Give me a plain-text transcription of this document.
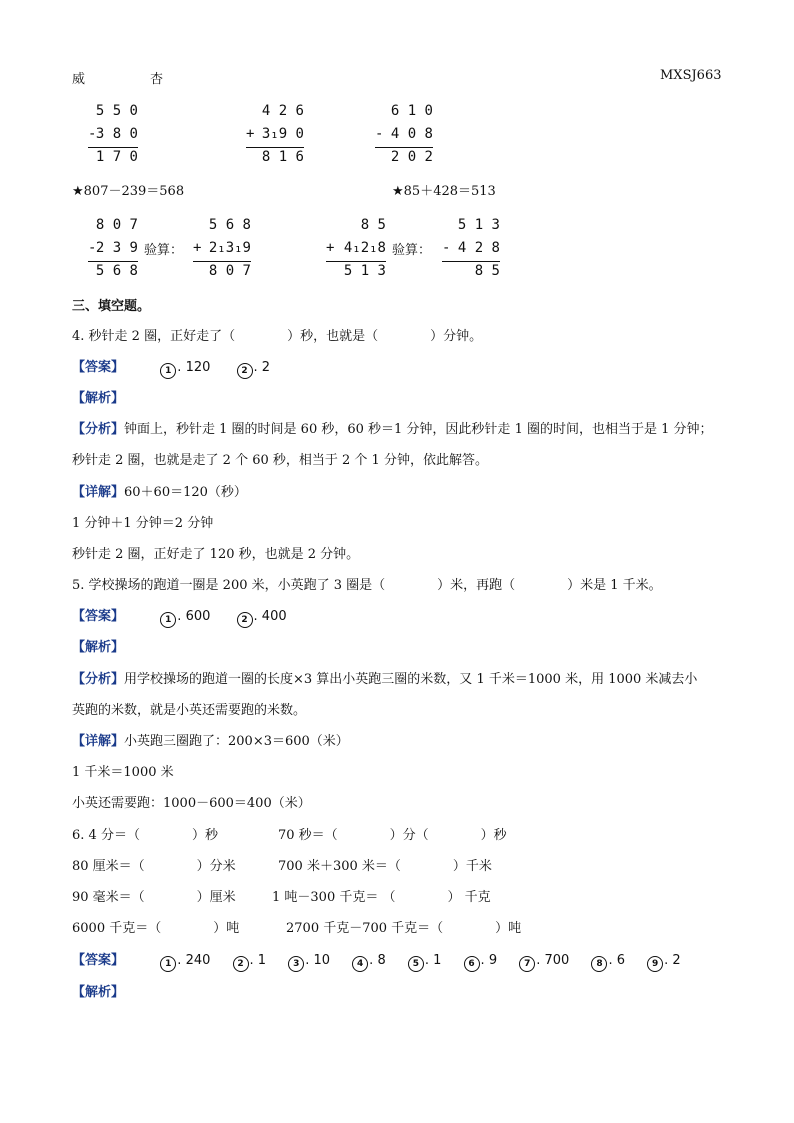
威	杏	MXSJ663
5 5 0
- 3 8 0
1 7 0
4 2 6
+ 3₁9 0
8 1 6
6 1 0
- 4 0 8
2 0 2
★807－239＝568	★85＋428＝513
8 0 7
- 2 3 9
5 6 8
验算：
5 6 8
+ 2₁3₁9
8 0 7
8 5
+ 4₁2₁8
5 1 3
验算：
5 1 3
- 4 2 8
8 5
三、填空题。
4. 秒针走 2 圈，正好走了（　　　　）秒，也就是（　　　　）分钟。
【答案】	1 . 120	2 . 2
【解析】
【分析】钟面上，秒针走 1 圈的时间是 60 秒，60 秒＝1 分钟，因此秒针走 1 圈的时间，也相当于是 1 分钟；
秒针走 2 圈，也就是走了 2 个 60 秒，相当于 2 个 1 分钟，依此解答。
【详解】60＋60＝120（秒）
1 分钟＋1 分钟＝2 分钟
秒针走 2 圈，正好走了 120 秒，也就是 2 分钟。
5. 学校操场的跑道一圈是 200 米，小英跑了 3 圈是（　　　　）米，再跑（　　　　）米是 1 千米。
【答案】	1 . 600	2 . 400
【解析】
【分析】用学校操场的跑道一圈的长度×3 算出小英跑三圈的米数，又 1 千米＝1000 米，用 1000 米减去小
英跑的米数，就是小英还需要跑的米数。
【详解】小英跑三圈跑了：200×3＝600（米）
1 千米＝1000 米
小英还需要跑：1000－600＝400（米）
6. 4 分＝（　　　　）秒	70 秒＝（　　　　）分（　　　　）秒
80 厘米＝（　　　　）分米	700 米＋300 米＝（　　　　）千米
90 毫米＝（　　　　）厘米	1 吨－300 千克＝ （　　　　） 千克
6000 千克＝（　　　　）吨	2700 千克－700 千克＝（　　　　）吨
【答案】	1 . 240	2 . 1	3 . 10	4 . 8	5 . 1	6 . 9	7 . 700	8 . 6	9 . 2
【解析】
